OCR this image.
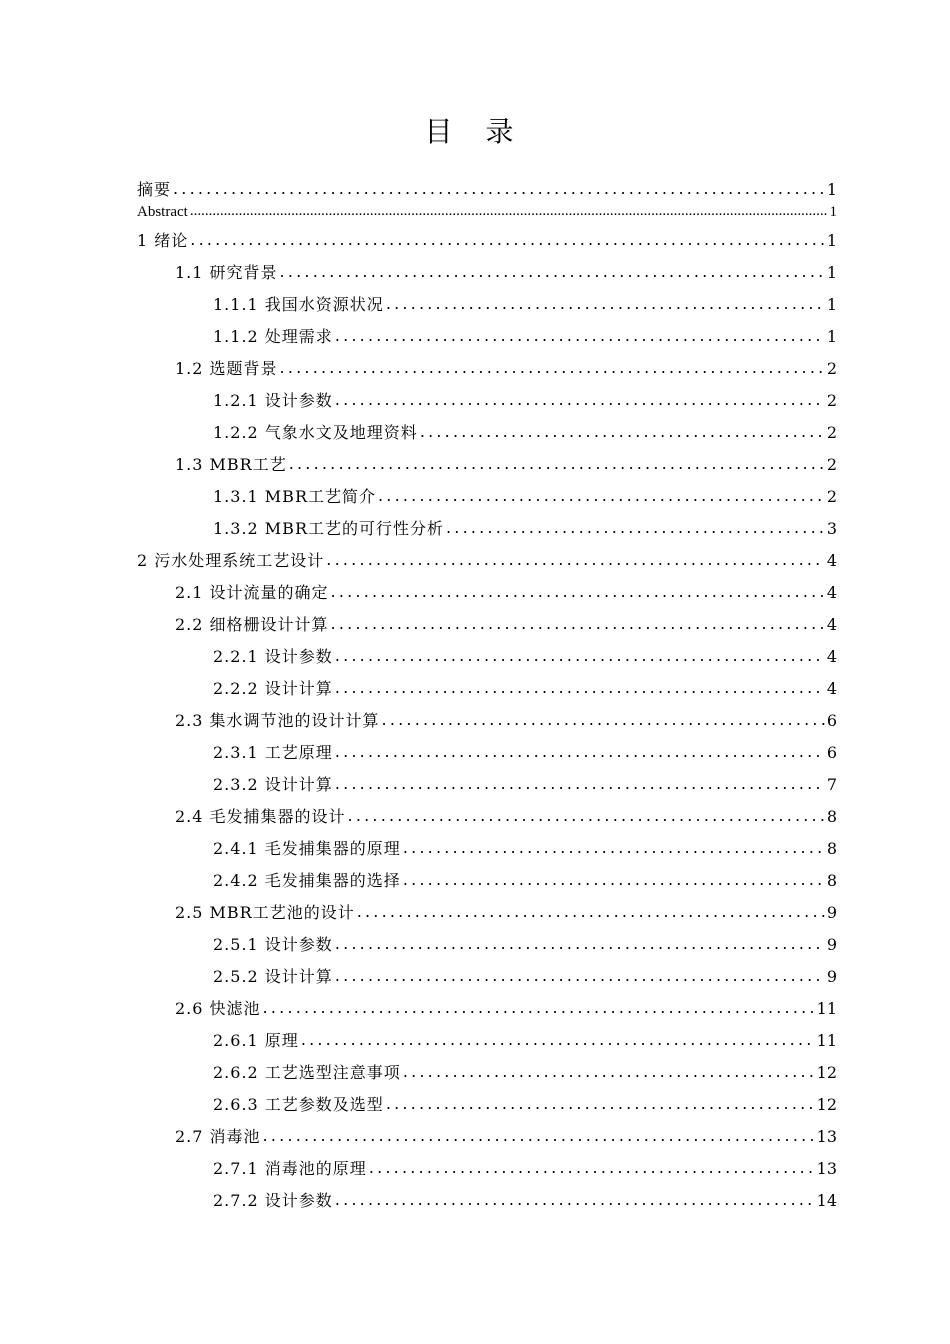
目 录
摘要 .....	1
Abstract .....	1
1 绪论 .....	1
1.1 研究背景 .....	1
1.1.1 我国水资源状况 .....	1
1.1.2 处理需求 .....	1
1.2 选题背景 .....	2
1.2.1 设计参数 .....	2
1.2.2 气象水文及地理资料 .....	2
1.3 MBR工艺 .....	2
1.3.1 MBR工艺简介 .....	2
1.3.2 MBR工艺的可行性分析 .....	3
2 污水处理系统工艺设计 .....	4
2.1 设计流量的确定 .....	4
2.2 细格栅设计计算 .....	4
2.2.1 设计参数 .....	4
2.2.2 设计计算 .....	4
2.3 集水调节池的设计计算 .....	6
2.3.1 工艺原理 .....	6
2.3.2 设计计算 .....	7
2.4 毛发捕集器的设计 .....	8
2.4.1 毛发捕集器的原理 .....	8
2.4.2 毛发捕集器的选择 .....	8
2.5 MBR工艺池的设计 .....	9
2.5.1 设计参数 .....	9
2.5.2 设计计算 .....	9
2.6 快滤池 .....	11
2.6.1 原理 .....	11
2.6.2 工艺选型注意事项 .....	12
2.6.3 工艺参数及选型 .....	12
2.7 消毒池 .....	13
2.7.1 消毒池的原理 .....	13
2.7.2 设计参数 .....	14
